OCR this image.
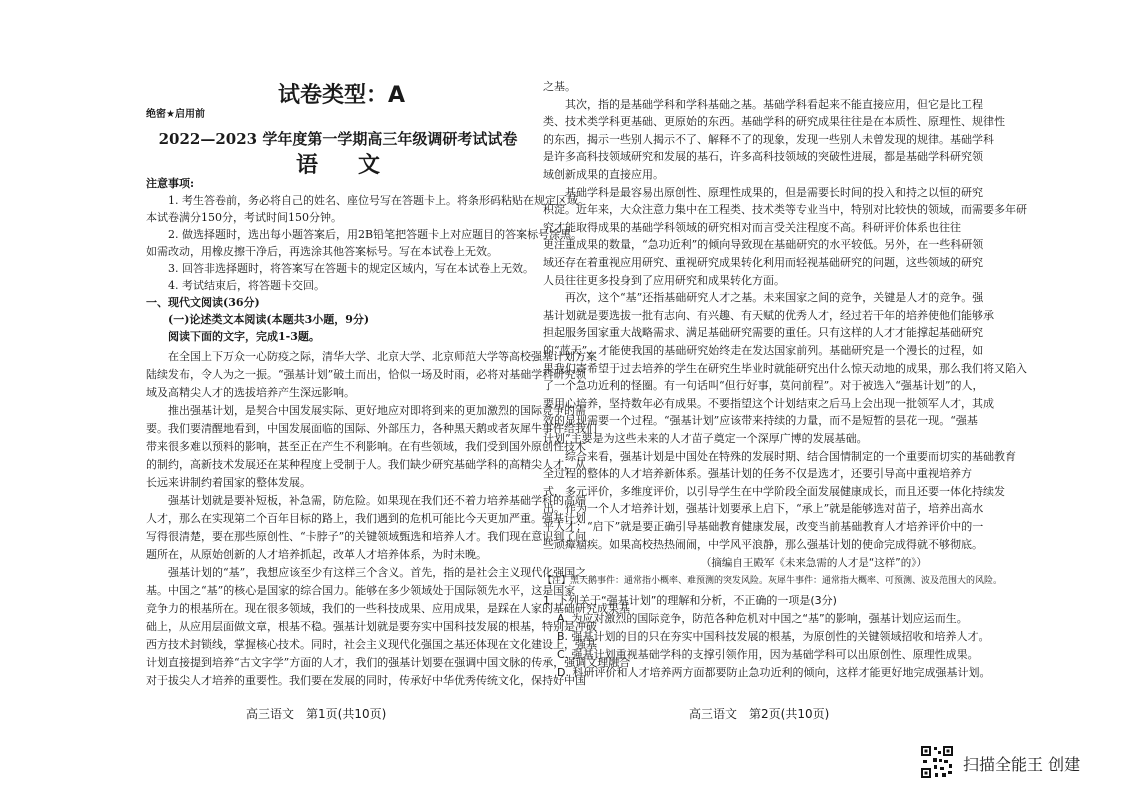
试卷类型：A
绝密★启用前
2022—2023 学年度第一学期高三年级调研考试试卷
语文
注意事项:
1. 考生答卷前，务必将自己的姓名、座位号写在答题卡上。将条形码粘贴在规定区域。
本试卷满分150分，考试时间150分钟。
2. 做选择题时，选出每小题答案后，用2B铅笔把答题卡上对应题目的答案标号涂黑。
如需改动，用橡皮擦干净后，再选涂其他答案标号。写在本试卷上无效。
3. 回答非选择题时，将答案写在答题卡的规定区域内，写在本试卷上无效。
4. 考试结束后，将答题卡交回。
一、现代文阅读(36分)
(一)论述类文本阅读(本题共3小题，9分)
阅读下面的文字，完成1-3题。
在全国上下万众一心防疫之际，清华大学、北京大学、北京师范大学等高校强基计划方案
陆续发布，令人为之一振。“强基计划”破土而出，恰似一场及时雨，必将对基础学科研究领
域及高精尖人才的选拔培养产生深远影响。
推出强基计划，是契合中国发展实际、更好地应对即将到来的更加激烈的国际竞争的需
要。我们要清醒地看到，中国发展面临的国际、外部压力，各种黑天鹅或者灰犀牛事件给我们
带来很多难以预料的影响，甚至正在产生不利影响。在有些领域，我们受到国外原创性技术
的制约，高新技术发展还在某种程度上受制于人。我们缺少研究基础学科的高精尖人才，从
长远来讲制约着国家的整体发展。
强基计划就是要补短板，补急需，防危险。如果现在我们还不着力培养基础学科的高端
人才，那么在实现第二个百年目标的路上，我们遇到的危机可能比今天更加严重。强基计划
写得很清楚，要在那些原创性、“卡脖子”的关键领域甄选和培养人才。我们现在意识到了问
题所在，从原始创新的人才培养抓起，改革人才培养体系，为时未晚。
强基计划的“基”，我想应该至少有这样三个含义。首先，指的是社会主义现代化强国之
基。中国之“基”的核心是国家的综合国力。能够在多少领域处于国际领先水平，这是国家
竞争力的根基所在。现在很多领域，我们的一些科技成果、应用成果，是踩在人家的基础研究成果基
础上，从应用层面做文章，根基不稳。强基计划就是要夯实中国科技发展的根基，特别是冲破
西方技术封锁线，掌握核心技术。同时，社会主义现代化强国之基还体现在文化建设上，强基
计划直接提到培养“古文字学”方面的人才，我们的强基计划要在强调中国文脉的传承，强调文理融合
对于拔尖人才培养的重要性。我们要在发展的同时，传承好中华优秀传统文化，保持好中国
高三语文　第1页(共10页)
之基。
其次，指的是基础学科和学科基础之基。基础学科看起来不能直接应用，但它是比工程
类、技术类学科更基础、更原始的东西。基础学科的研究成果往往是在本质性、原理性、规律性
的东西，揭示一些别人揭示不了、解释不了的现象，发现一些别人未曾发现的规律。基础学科
是许多高科技领域研究和发展的基石，许多高科技领域的突破性进展，都是基础学科研究领
域创新成果的直接应用。
基础学科是最容易出原创性、原理性成果的，但是需要长时间的投入和持之以恒的研究
积淀。近年来，大众注意力集中在工程类、技术类等专业当中，特别对比较快的领域，而需要多年研
究才能取得成果的基础学科领域的研究相对而言受关注程度不高。科研评价体系也往往
更注重成果的数量，“急功近利”的倾向导致现在基础研究的水平较低。另外，在一些科研领
域还存在着重视应用研究、重视研究成果转化利用而轻视基础研究的问题，这些领域的研究
人员往往更多投身到了应用研究和成果转化方面。
再次，这个“基”还指基础研究人才之基。未来国家之间的竞争，关键是人才的竞争。强
基计划就是要选拔一批有志向、有兴趣、有天赋的优秀人才，经过若干年的培养使他们能够承
担起服务国家重大战略需求、满足基础研究需要的重任。只有这样的人才才能撑起基础研究
的“蓝天”，才能使我国的基础研究始终走在发达国家前列。基础研究是一个漫长的过程，如
果我们寄希望于过去培养的学生在研究生毕业时就能研究出什么惊天动地的成果，那么我们将又陷入
了一个急功近利的怪圈。有一句话叫“但行好事，莫问前程”。对于被选入“强基计划”的人，
要用心培养，坚持数年必有成果。不要指望这个计划结束之后马上会出现一批领军人才，其成
效的显现需要一个过程。“强基计划”应该带来持续的力量，而不是短暂的昙花一现。“强基
计划”主要是为这些未来的人才苗子奠定一个深厚广博的发展基础。
综合来看，强基计划是中国处在特殊的发展时期、结合国情制定的一个重要而切实的基础教育
全过程的整体的人才培养新体系。强基计划的任务不仅是选才，还要引导高中重视培养方
式，多元评价，多维度评价，以引导学生在中学阶段全面发展健康成长，而且还要一体化持续发
出。作为一个人才培养计划，强基计划要承上启下，“承上”就是能够选对苗子，培养出高水
平人才；“启下”就是要正确引导基础教育健康发展，改变当前基础教育人才培养评价中的一
些顽瘴痼疾。如果高校热热闹闹，中学风平浪静，那么强基计划的使命完成得就不够彻底。
（摘编自王殿军《未来急需的人才是“这样”的》）
【注】黑天鹅事件：通常指小概率、难预测的突发风险。灰犀牛事件：通常指大概率、可预测、波及范围大的风险。
1. 下列关于“强基计划”的理解和分析，不正确的一项是(3分)
A. 为应对激烈的国际竞争，防范各种危机对中国之“基”的影响，强基计划应运而生。
B. 强基计划的目的只在夯实中国科技发展的根基，为原创性的关键领域招收和培养人才。
C. 强基计划重视基础学科的支撑引领作用，因为基础学科可以出原创性、原理性成果。
D. 科研评价和人才培养两方面都要防止急功近利的倾向，这样才能更好地完成强基计划。
高三语文　第2页(共10页)
扫描全能王 创建
